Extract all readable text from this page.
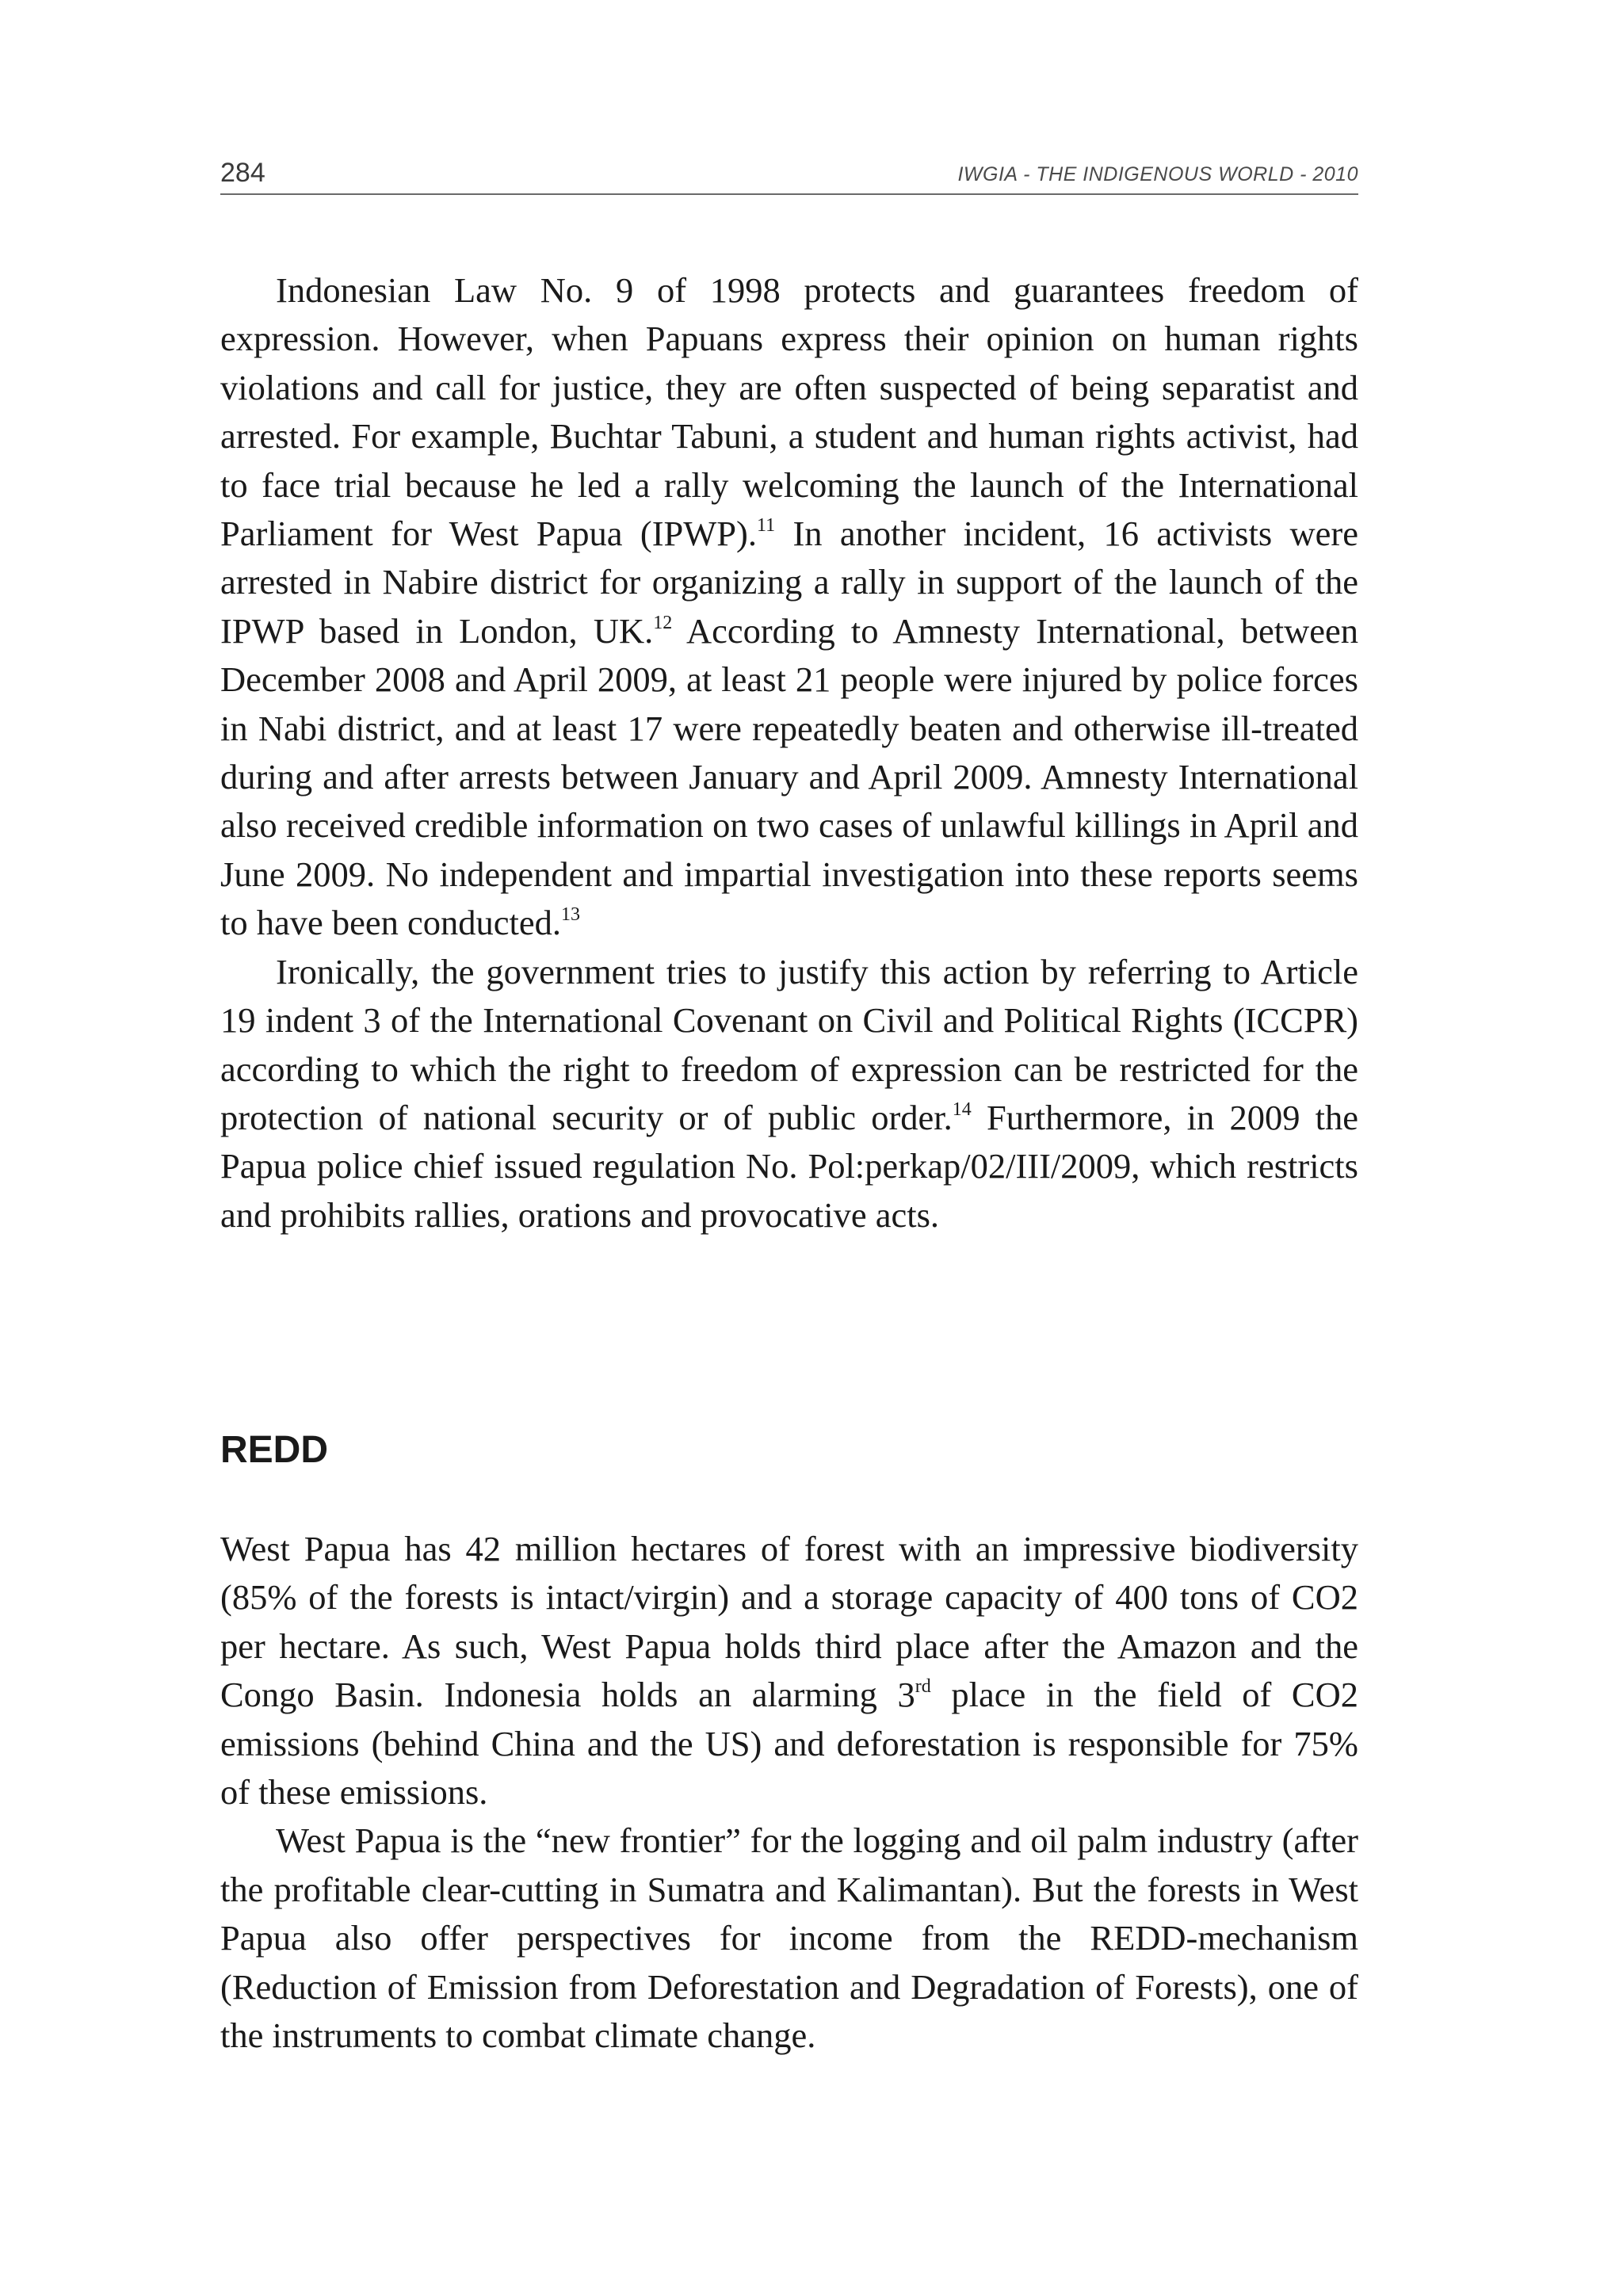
284	IWGIA - THE INDIGENOUS WORLD - 2010

Indonesian Law No. 9 of 1998 protects and guarantees freedom of expression. However, when Papuans express their opinion on human rights violations and call for justice, they are often suspected of being separatist and arrested. For example, Buchtar Tabuni, a student and human rights activist, had to face trial because he led a rally welcoming the launch of the International Parliament for West Papua (IPWP).$^{11}$ In another incident, 16 activists were arrested in Nabire district for organizing a rally in support of the launch of the IPWP based in London, UK.$^{12}$ According to Amnesty International, between December 2008 and April 2009, at least 21 people were injured by police forces in Nabi district, and at least 17 were repeatedly beaten and otherwise ill-treated during and after arrests between January and April 2009. Amnesty International also received credible information on two cases of unlawful killings in April and June 2009. No independent and impartial investigation into these reports seems to have been conducted.$^{13}$

Ironically, the government tries to justify this action by referring to Article 19 indent 3 of the International Covenant on Civil and Political Rights (ICCPR) according to which the right to freedom of expression can be restricted for the protection of national security or of public order.$^{14}$ Furthermore, in 2009 the Papua police chief issued regulation No. Pol:perkap/02/III/2009, which restricts and prohibits rallies, orations and provocative acts.

REDD

West Papua has 42 million hectares of forest with an impressive biodiversity (85% of the forests is intact/virgin) and a storage capacity of 400 tons of CO2 per hectare. As such, West Papua holds third place after the Amazon and the Congo Basin. Indonesia holds an alarming 3rd place in the field of CO2 emissions (behind China and the US) and deforestation is responsible for 75% of these emissions.

West Papua is the “new frontier” for the logging and oil palm industry (after the profitable clear-cutting in Sumatra and Kalimantan). But the forests in West Papua also offer perspectives for income from the REDD-mechanism (Reduction of Emission from Deforestation and Degradation of Forests), one of the instruments to combat climate change.
